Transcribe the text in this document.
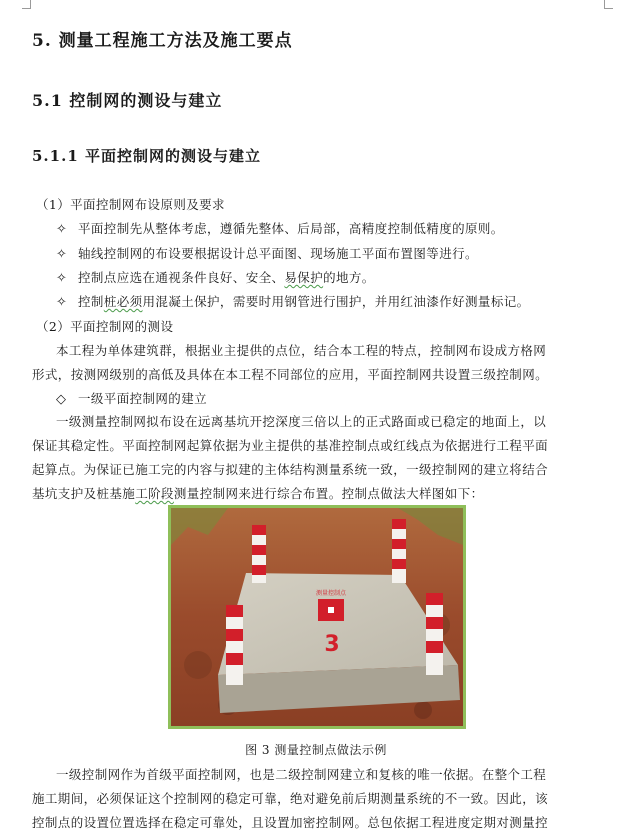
5. 测量工程施工方法及施工要点
5.1 控制网的测设与建立
5.1.1 平面控制网的测设与建立
（1）平面控制网布设原则及要求
✧ 平面控制先从整体考虑，遵循先整体、后局部，高精度控制低精度的原则。
✧ 轴线控制网的布设要根据设计总平面图、现场施工平面布置图等进行。
✧ 控制点应选在通视条件良好、安全、易保护的地方。
✧ 控制桩必须用混凝土保护，需要时用钢管进行围护，并用红油漆作好测量标记。
（2）平面控制网的测设
本工程为单体建筑群，根据业主提供的点位，结合本工程的特点，控制网布设成方格网
形式，按测网级别的高低及具体在本工程不同部位的应用，平面控制网共设置三级控制网。
◇ 一级平面控制网的建立
一级测量控制网拟布设在远离基坑开挖深度三倍以上的正式路面或已稳定的地面上，以
保证其稳定性。平面控制网起算依据为业主提供的基准控制点或红线点为依据进行工程平面
起算点。为保证已施工完的内容与拟建的主体结构测量系统一致，一级控制网的建立将结合
基坑支护及桩基施工阶段测量控制网来进行综合布置。控制点做法大样图如下：
测量控制点
3
图 3 测量控制点做法示例
一级控制网作为首级平面控制网，也是二级控制网建立和复核的唯一依据。在整个工程
施工期间，必须保证这个控制网的稳定可靠，绝对避免前后期测量系统的不一致。因此，该
控制点的设置位置选择在稳定可靠处，且设置加密控制网。总包依据工程进度定期对测量控
